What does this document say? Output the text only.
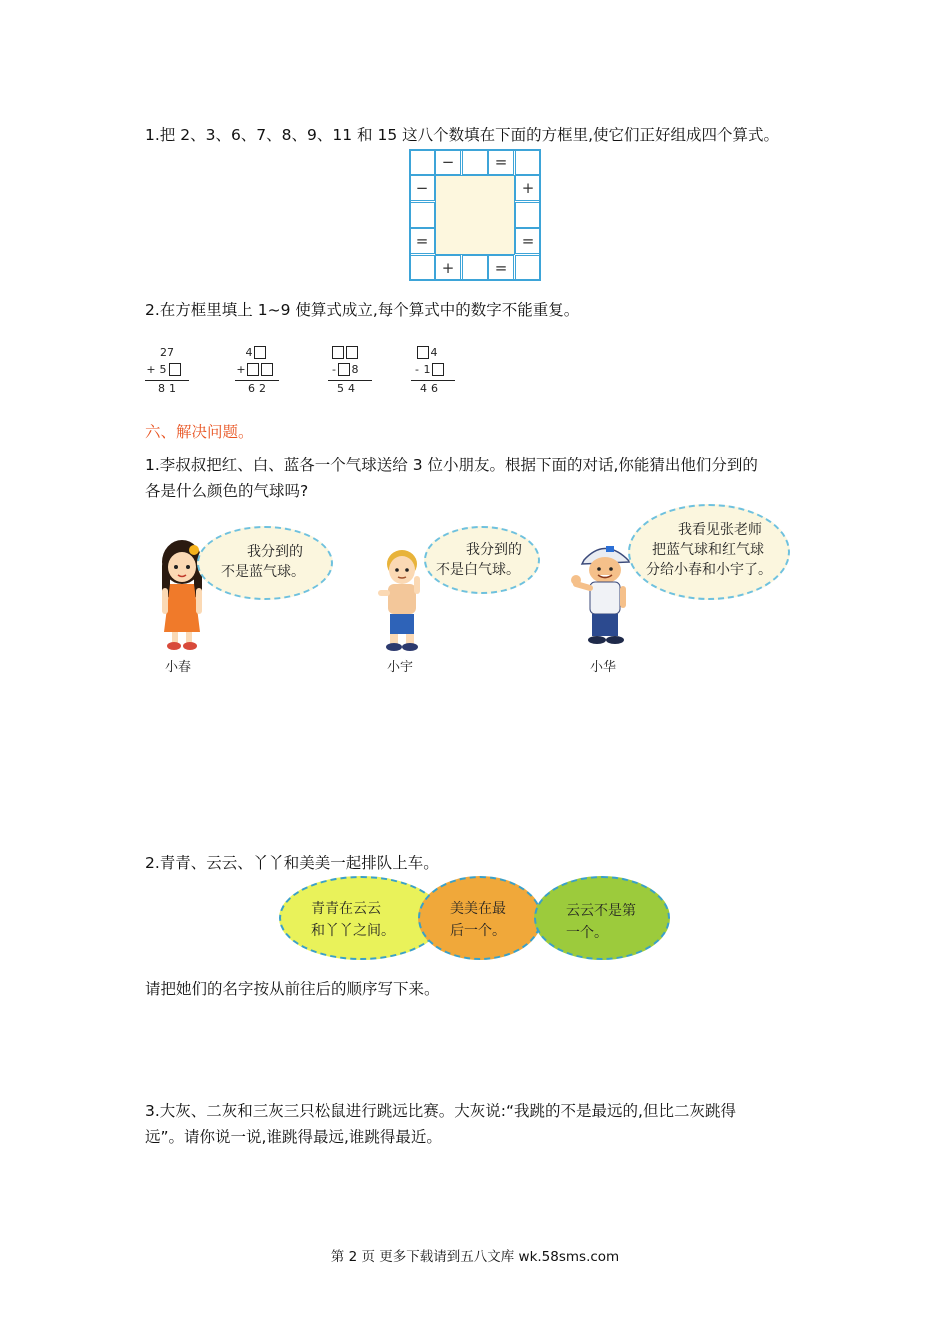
1.把 2、3、6、7、8、9、11 和 15 这八个数填在下面的方框里,使它们正好组成四个算式。
−	=
−
=
+
=
+	=
2.在方框里填上 1~9 使算式成立,每个算式中的数字不能重复。
27
+ 5
81
4
+
62
-	8
54
4
- 1
46
六、解决问题。
1.李叔叔把红、白、蓝各一个气球送给 3 位小朋友。根据下面的对话,你能猜出他们分到的
各是什么颜色的气球吗?
我分到的
不是蓝气球。
小春
我分到的
不是白气球。
小宇
我看见张老师
把蓝气球和红气球
分给小春和小宇了。
小华
2.青青、云云、丫丫和美美一起排队上车。
青青在云云
和丫丫之间。
美美在最
后一个。
云云不是第
一个。
请把她们的名字按从前往后的顺序写下来。
3.大灰、二灰和三灰三只松鼠进行跳远比赛。大灰说:“我跳的不是最远的,但比二灰跳得
远”。请你说一说,谁跳得最远,谁跳得最近。
第 2 页 更多下载请到五八文库 wk.58sms.com
